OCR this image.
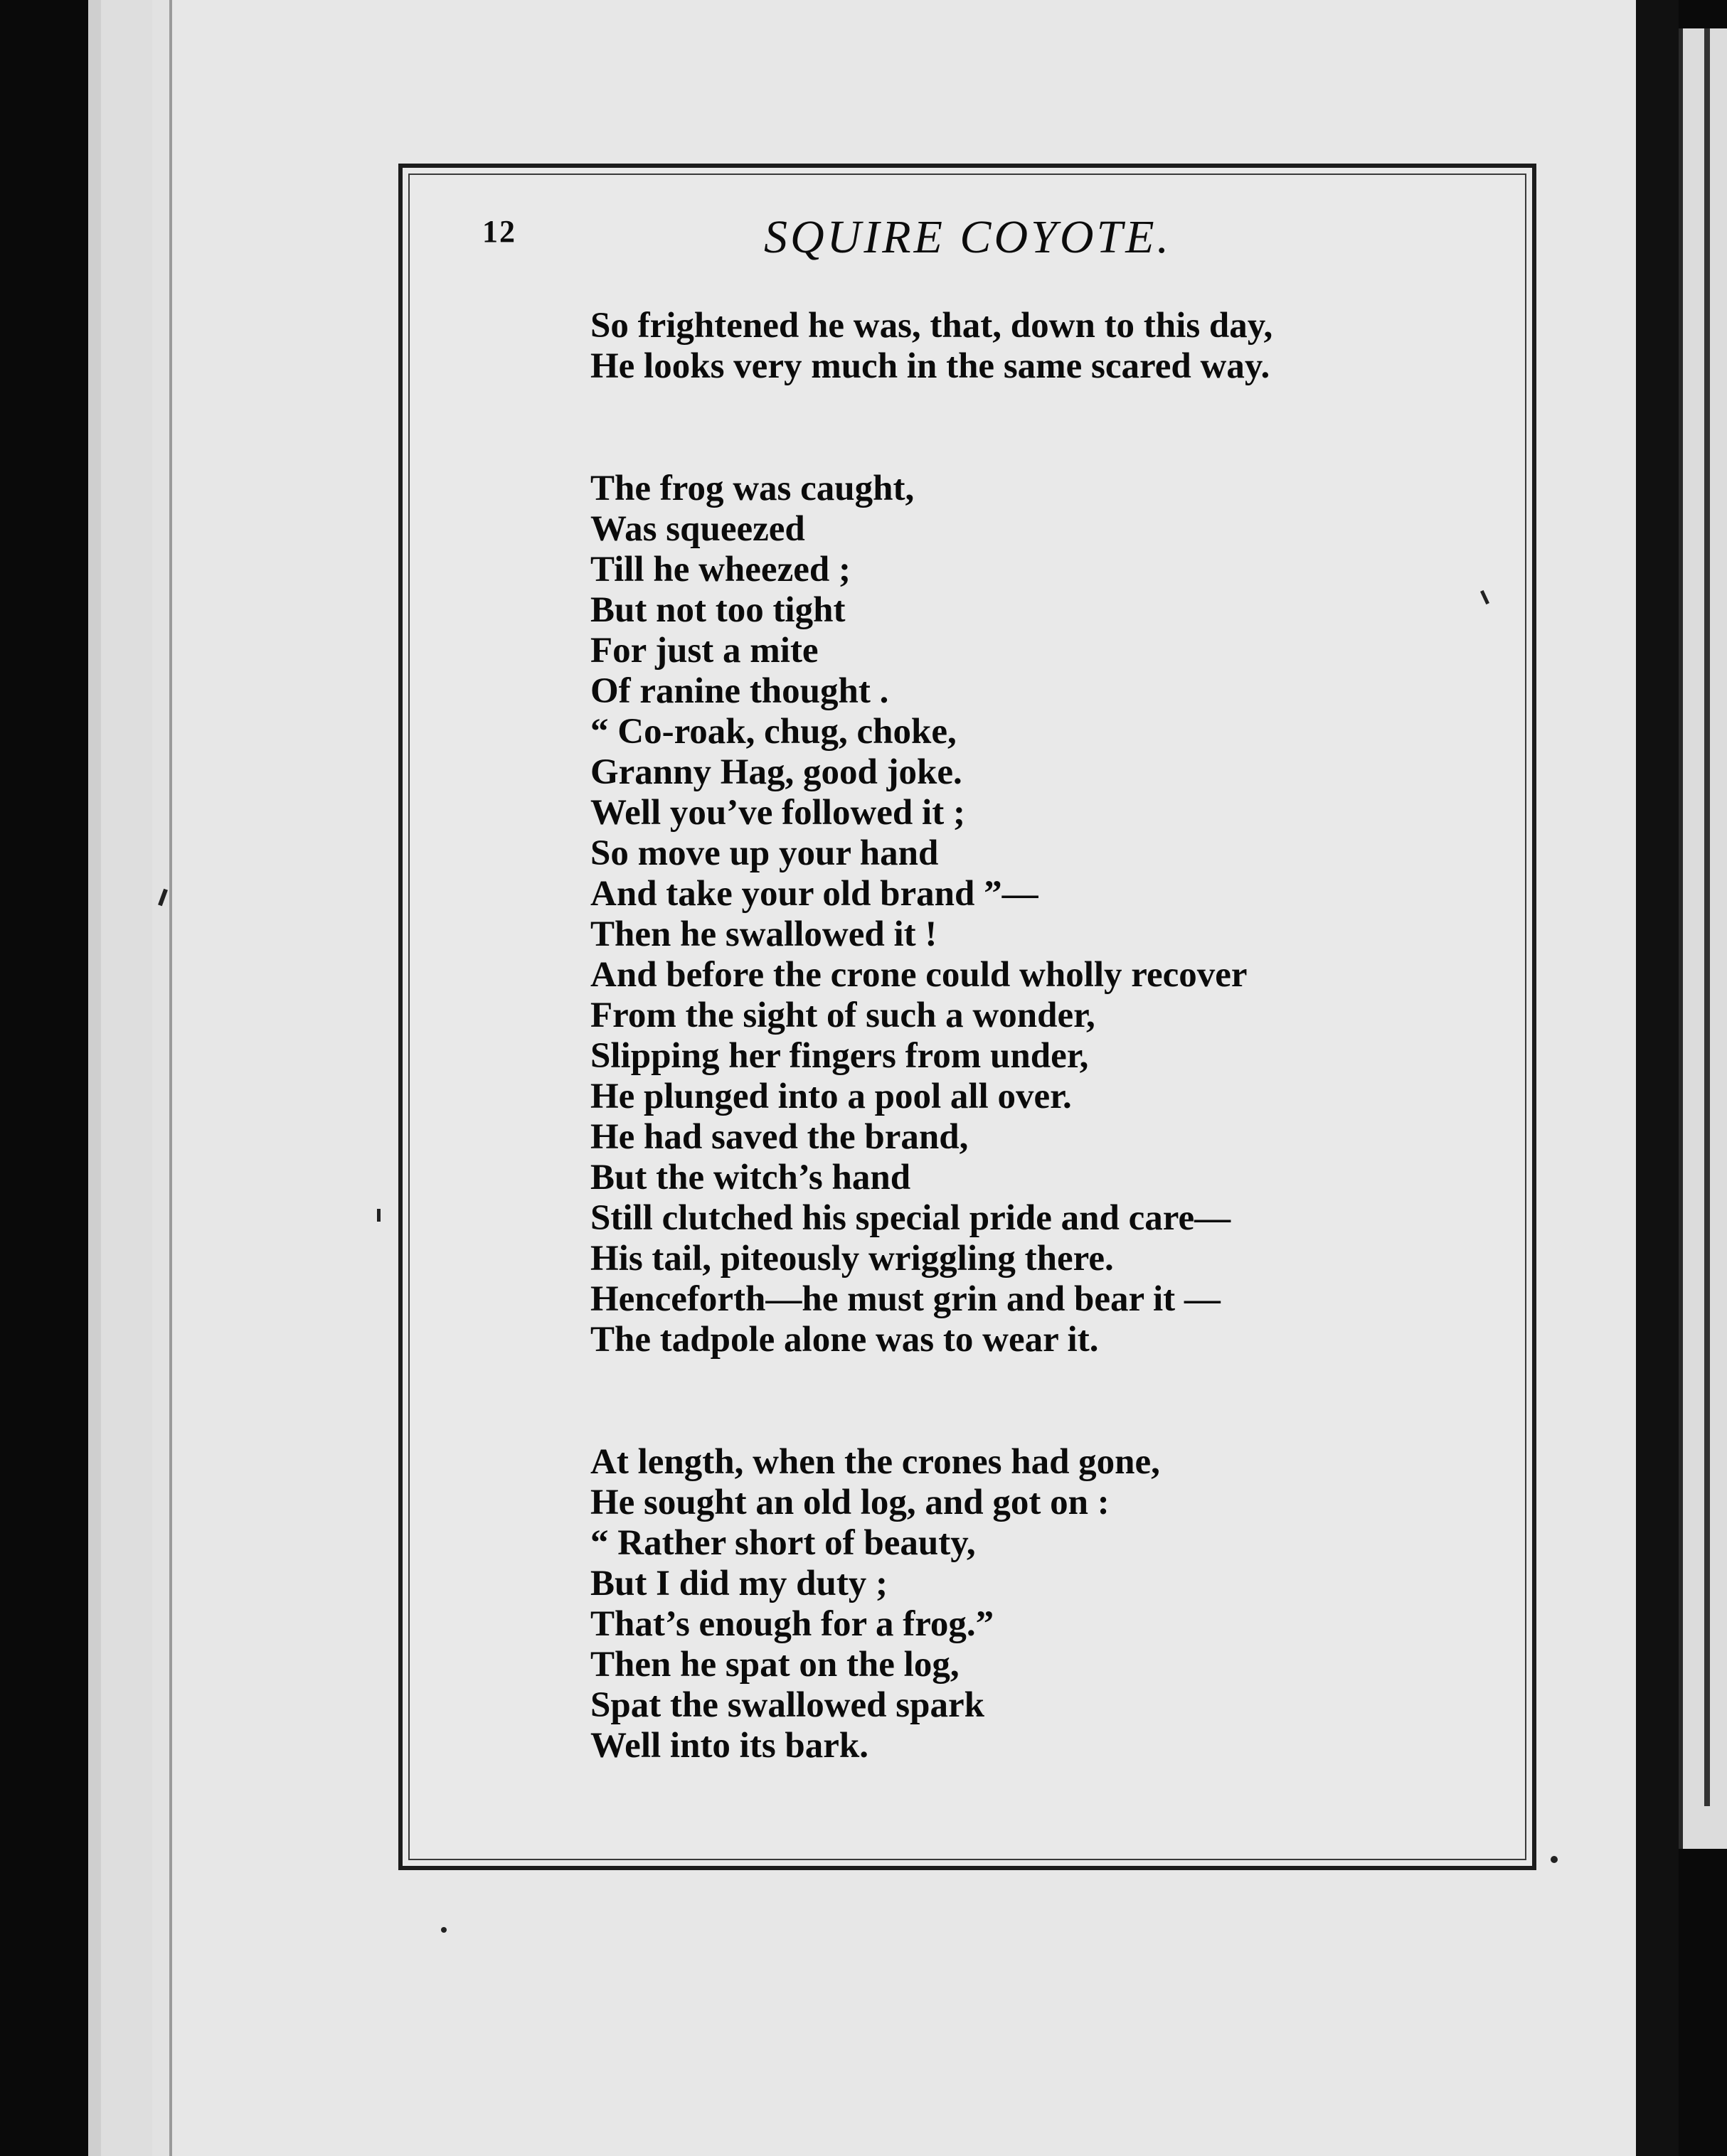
12	SQUIRE COYOTE.
So frightened he was, that, down to this day,
He looks very much in the same scared way.
The frog was caught,
Was squeezed
Till he wheezed ;
But not too tight
For just a mite
Of ranine thought .
“ Co-roak, chug, choke,
Granny Hag, good joke.
Well you’ve followed it ;
So move up your hand
And take your old brand ”—
Then he swallowed it !
And before the crone could wholly recover
From the sight of such a wonder,
Slipping her fingers from under,
He plunged into a pool all over.
He had saved the brand,
But the witch’s hand
Still clutched his special pride and care—
His tail, piteously wriggling there.
Henceforth—he must grin and bear it —
The tadpole alone was to wear it.
At length, when the crones had gone,
He sought an old log, and got on :
“ Rather short of beauty,
But I did my duty ;
That’s enough for a frog.”
Then he spat on the log,
Spat the swallowed spark
Well into its bark.
